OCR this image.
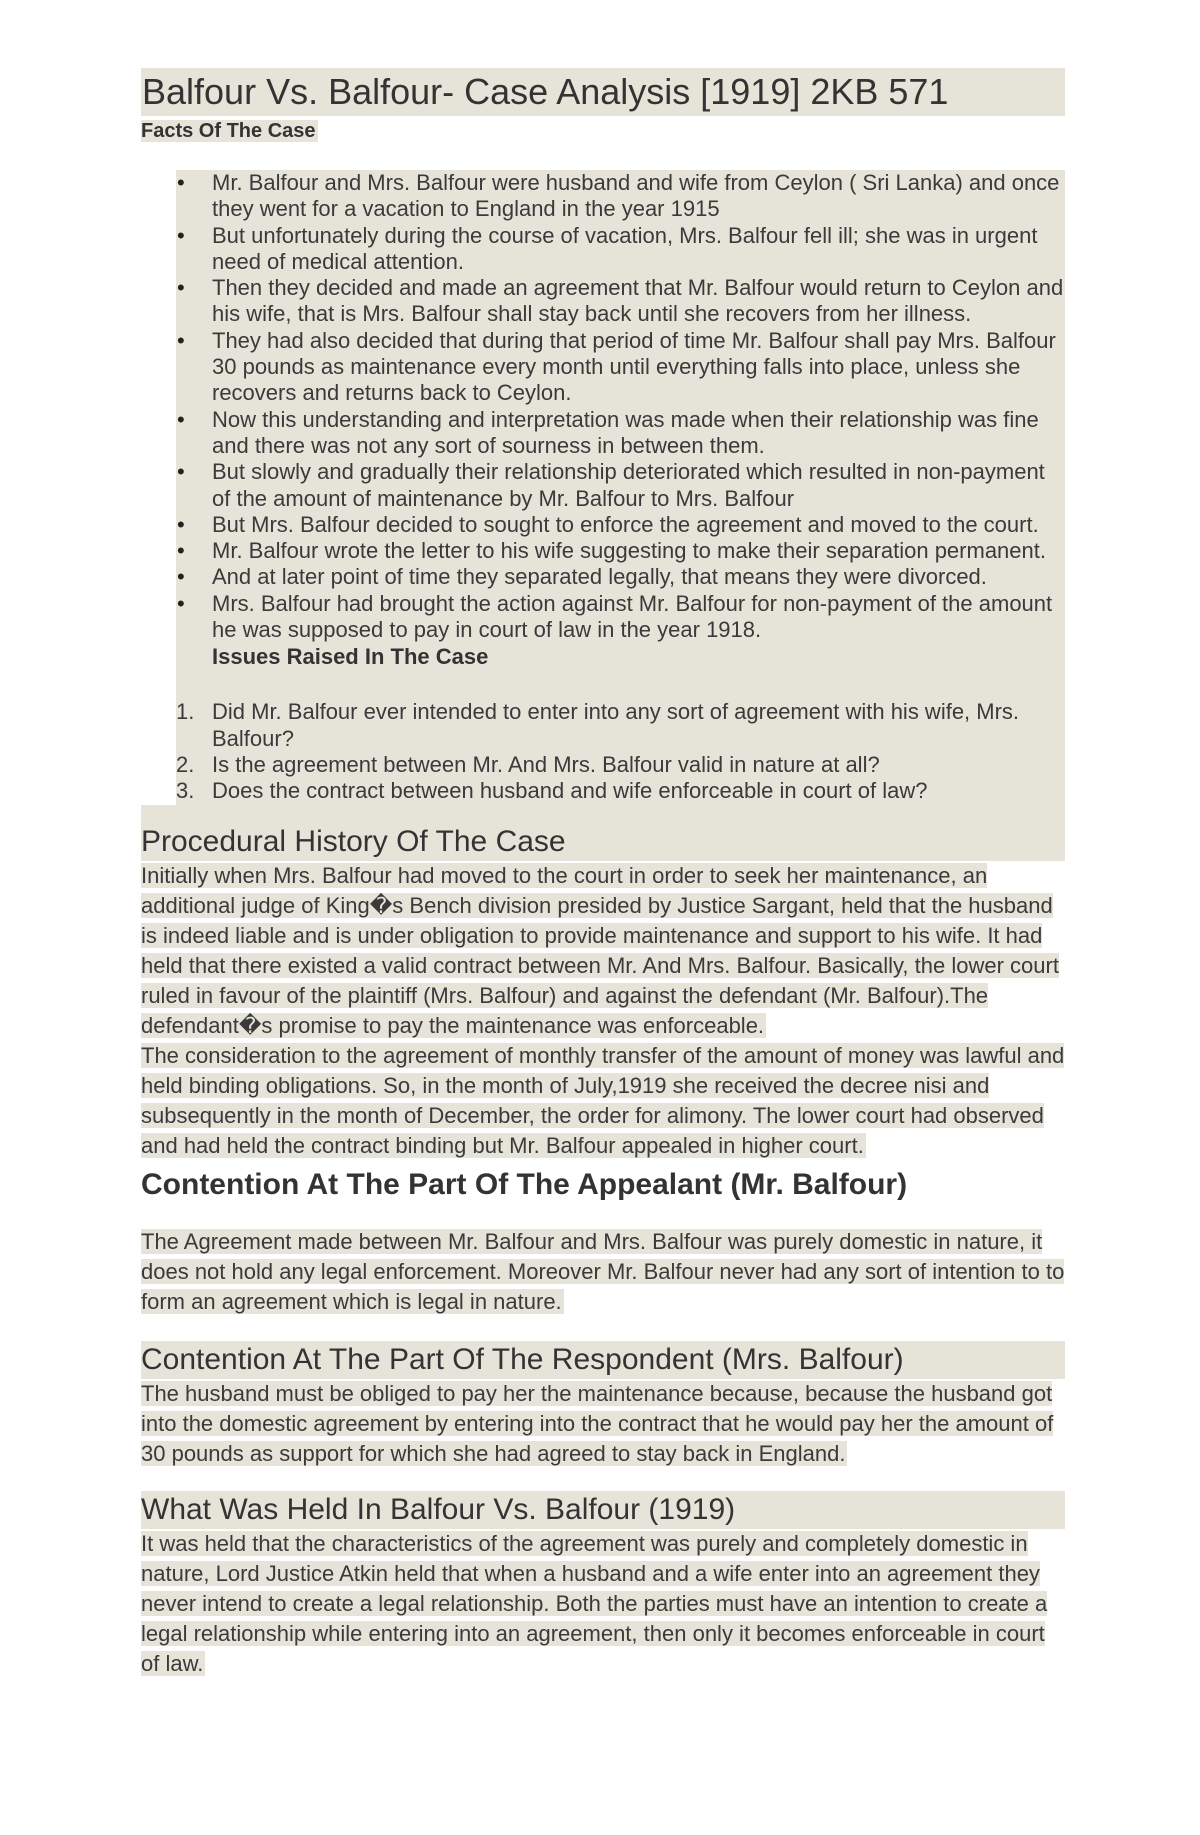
Balfour Vs. Balfour- Case Analysis [1919] 2KB 571
Facts Of The Case
• Mr. Balfour and Mrs. Balfour were husband and wife from Ceylon ( Sri Lanka) and once they went for a vacation to England in the year 1915
• But unfortunately during the course of vacation, Mrs. Balfour fell ill; she was in urgent need of medical attention.
• Then they decided and made an agreement that Mr. Balfour would return to Ceylon and his wife, that is Mrs. Balfour shall stay back until she recovers from her illness.
• They had also decided that during that period of time Mr. Balfour shall pay Mrs. Balfour 30 pounds as maintenance every month until everything falls into place, unless she recovers and returns back to Ceylon.
• Now this understanding and interpretation was made when their relationship was fine and there was not any sort of sourness in between them.
• But slowly and gradually their relationship deteriorated which resulted in non-payment of the amount of maintenance by Mr. Balfour to Mrs. Balfour
• But Mrs. Balfour decided to sought to enforce the agreement and moved to the court.
• Mr. Balfour wrote the letter to his wife suggesting to make their separation permanent.
• And at later point of time they separated legally, that means they were divorced.
• Mrs. Balfour had brought the action against Mr. Balfour for non-payment of the amount he was supposed to pay in court of law in the year 1918.
Issues Raised In The Case
1. Did Mr. Balfour ever intended to enter into any sort of agreement with his wife, Mrs. Balfour?
2. Is the agreement between Mr. And Mrs. Balfour valid in nature at all?
3. Does the contract between husband and wife enforceable in court of law?
Procedural History Of The Case

Initially when Mrs. Balfour had moved to the court in order to seek her maintenance, an additional judge of King�s Bench division presided by Justice Sargant, held that the husband is indeed liable and is under obligation to provide maintenance and support to his wife. It had held that there existed a valid contract between Mr. And Mrs. Balfour. Basically, the lower court ruled in favour of the plaintiff (Mrs. Balfour) and against the defendant (Mr. Balfour).The defendant�s promise to pay the maintenance was enforceable.

The consideration to the agreement of monthly transfer of the amount of money was lawful and held binding obligations. So, in the month of July,1919 she received the decree nisi and subsequently in the month of December, the order for alimony. The lower court had observed and had held the contract binding but Mr. Balfour appealed in higher court.

Contention At The Part Of The Appealant (Mr. Balfour)

The Agreement made between Mr. Balfour and Mrs. Balfour was purely domestic in nature, it does not hold any legal enforcement. Moreover Mr. Balfour never had any sort of intention to to form an agreement which is legal in nature.

Contention At The Part Of The Respondent (Mrs. Balfour)

The husband must be obliged to pay her the maintenance because, because the husband got into the domestic agreement by entering into the contract that he would pay her the amount of 30 pounds as support for which she had agreed to stay back in England.

What Was Held In Balfour Vs. Balfour (1919)

It was held that the characteristics of the agreement was purely and completely domestic in nature, Lord Justice Atkin held that when a husband and a wife enter into an agreement they never intend to create a legal relationship. Both the parties must have an intention to create a legal relationship while entering into an agreement, then only it becomes enforceable in court of law.
